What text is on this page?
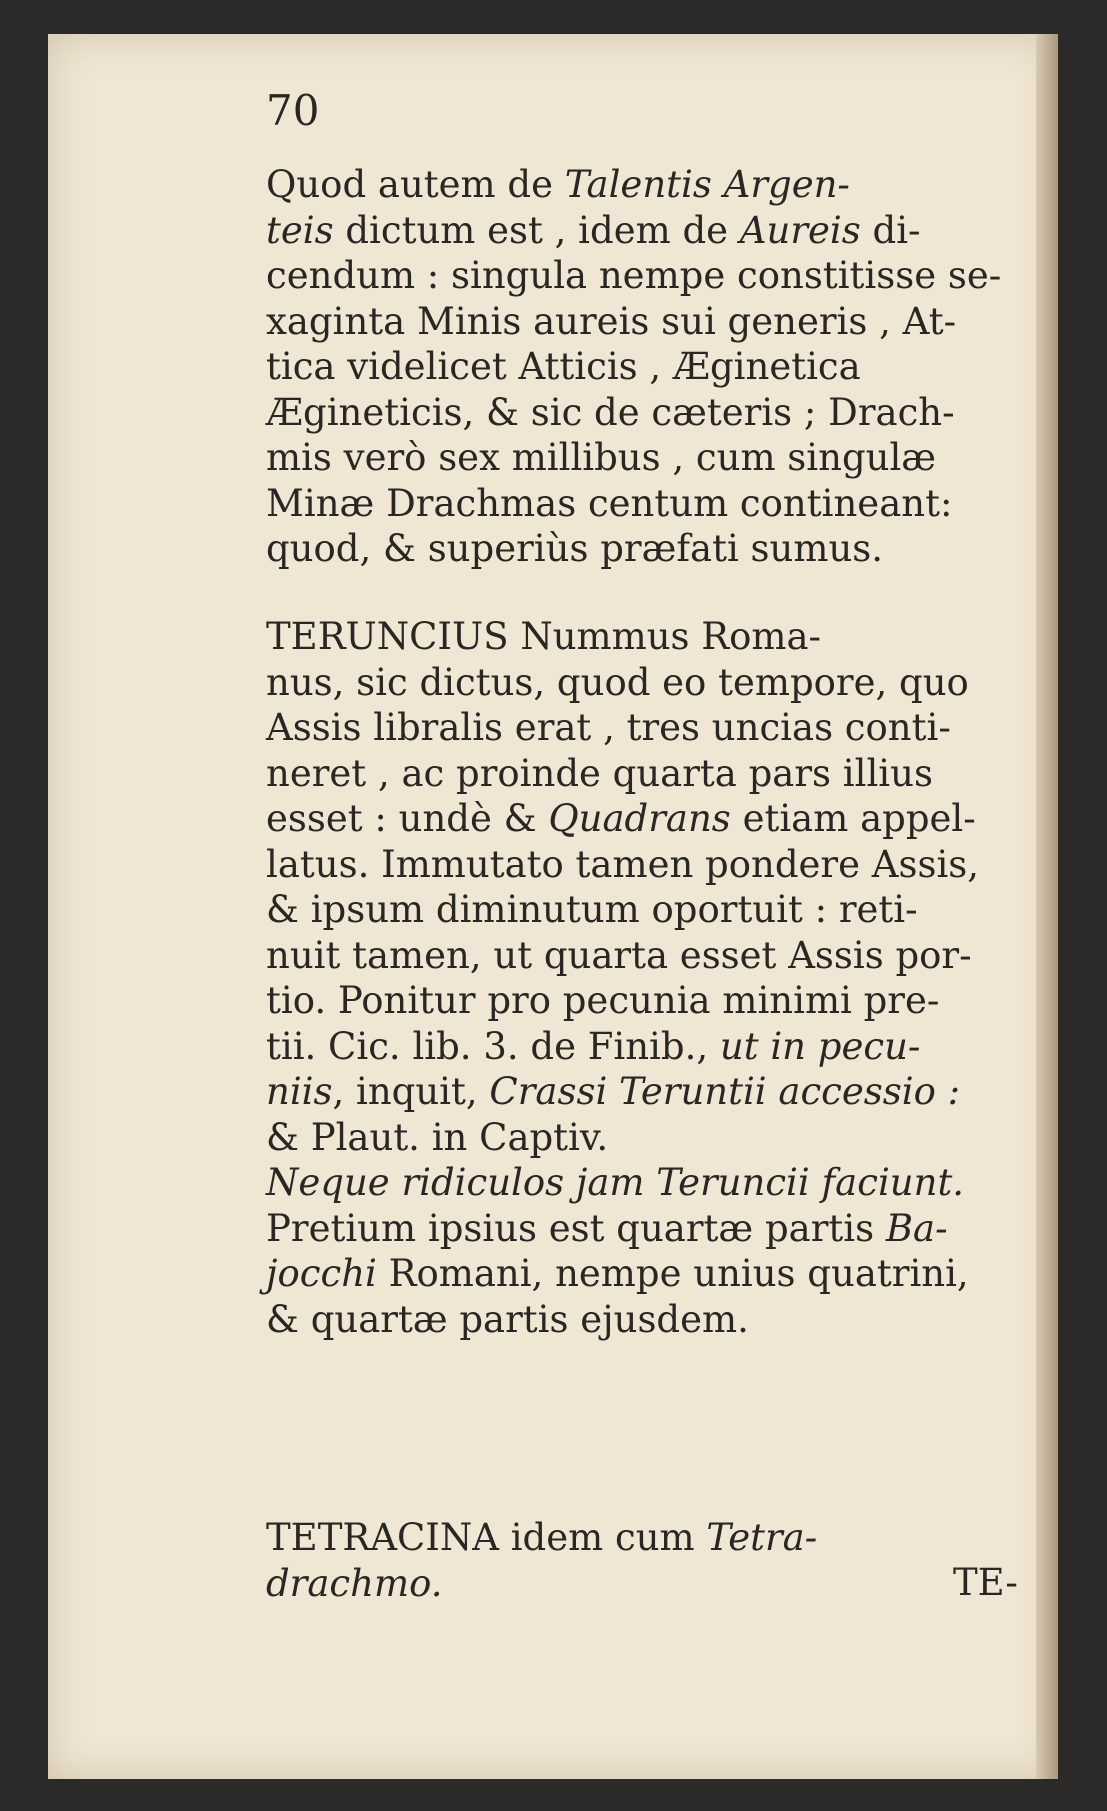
70

Quod autem de Talentis Argen-
teis dictum est , idem de Aureis di-
cendum : singula nempe constitisse se-
xaginta Minis aureis sui generis , At-
tica videlicet Atticis , Æginetica
Ægineticis, & sic de cæteris ; Drach-
mis verò sex millibus , cum singulæ
Minæ Drachmas centum contineant:
quod, & superiùs præfati sumus.

TERUNCIUS Nummus Roma-
nus, sic dictus, quod eo tempore, quo
Assis libralis erat , tres uncias conti-
neret , ac proinde quarta pars illius
esset : undè & Quadrans etiam appel-
latus. Immutato tamen pondere Assis,
& ipsum diminutum oportuit : reti-
nuit tamen, ut quarta esset Assis por-
tio. Ponitur pro pecunia minimi pre-
tii. Cic. lib. 3. de Finib., ut in pecu-
niis, inquit, Crassi Teruntii accessio :
& Plaut. in Captiv.
Neque ridiculos jam Teruncii faciunt.
Pretium ipsius est quartæ partis Ba-
jocchi Romani, nempe unius quatrini,
& quartæ partis ejusdem.

TETRACINA idem cum Tetra-
drachmo.	TE-
